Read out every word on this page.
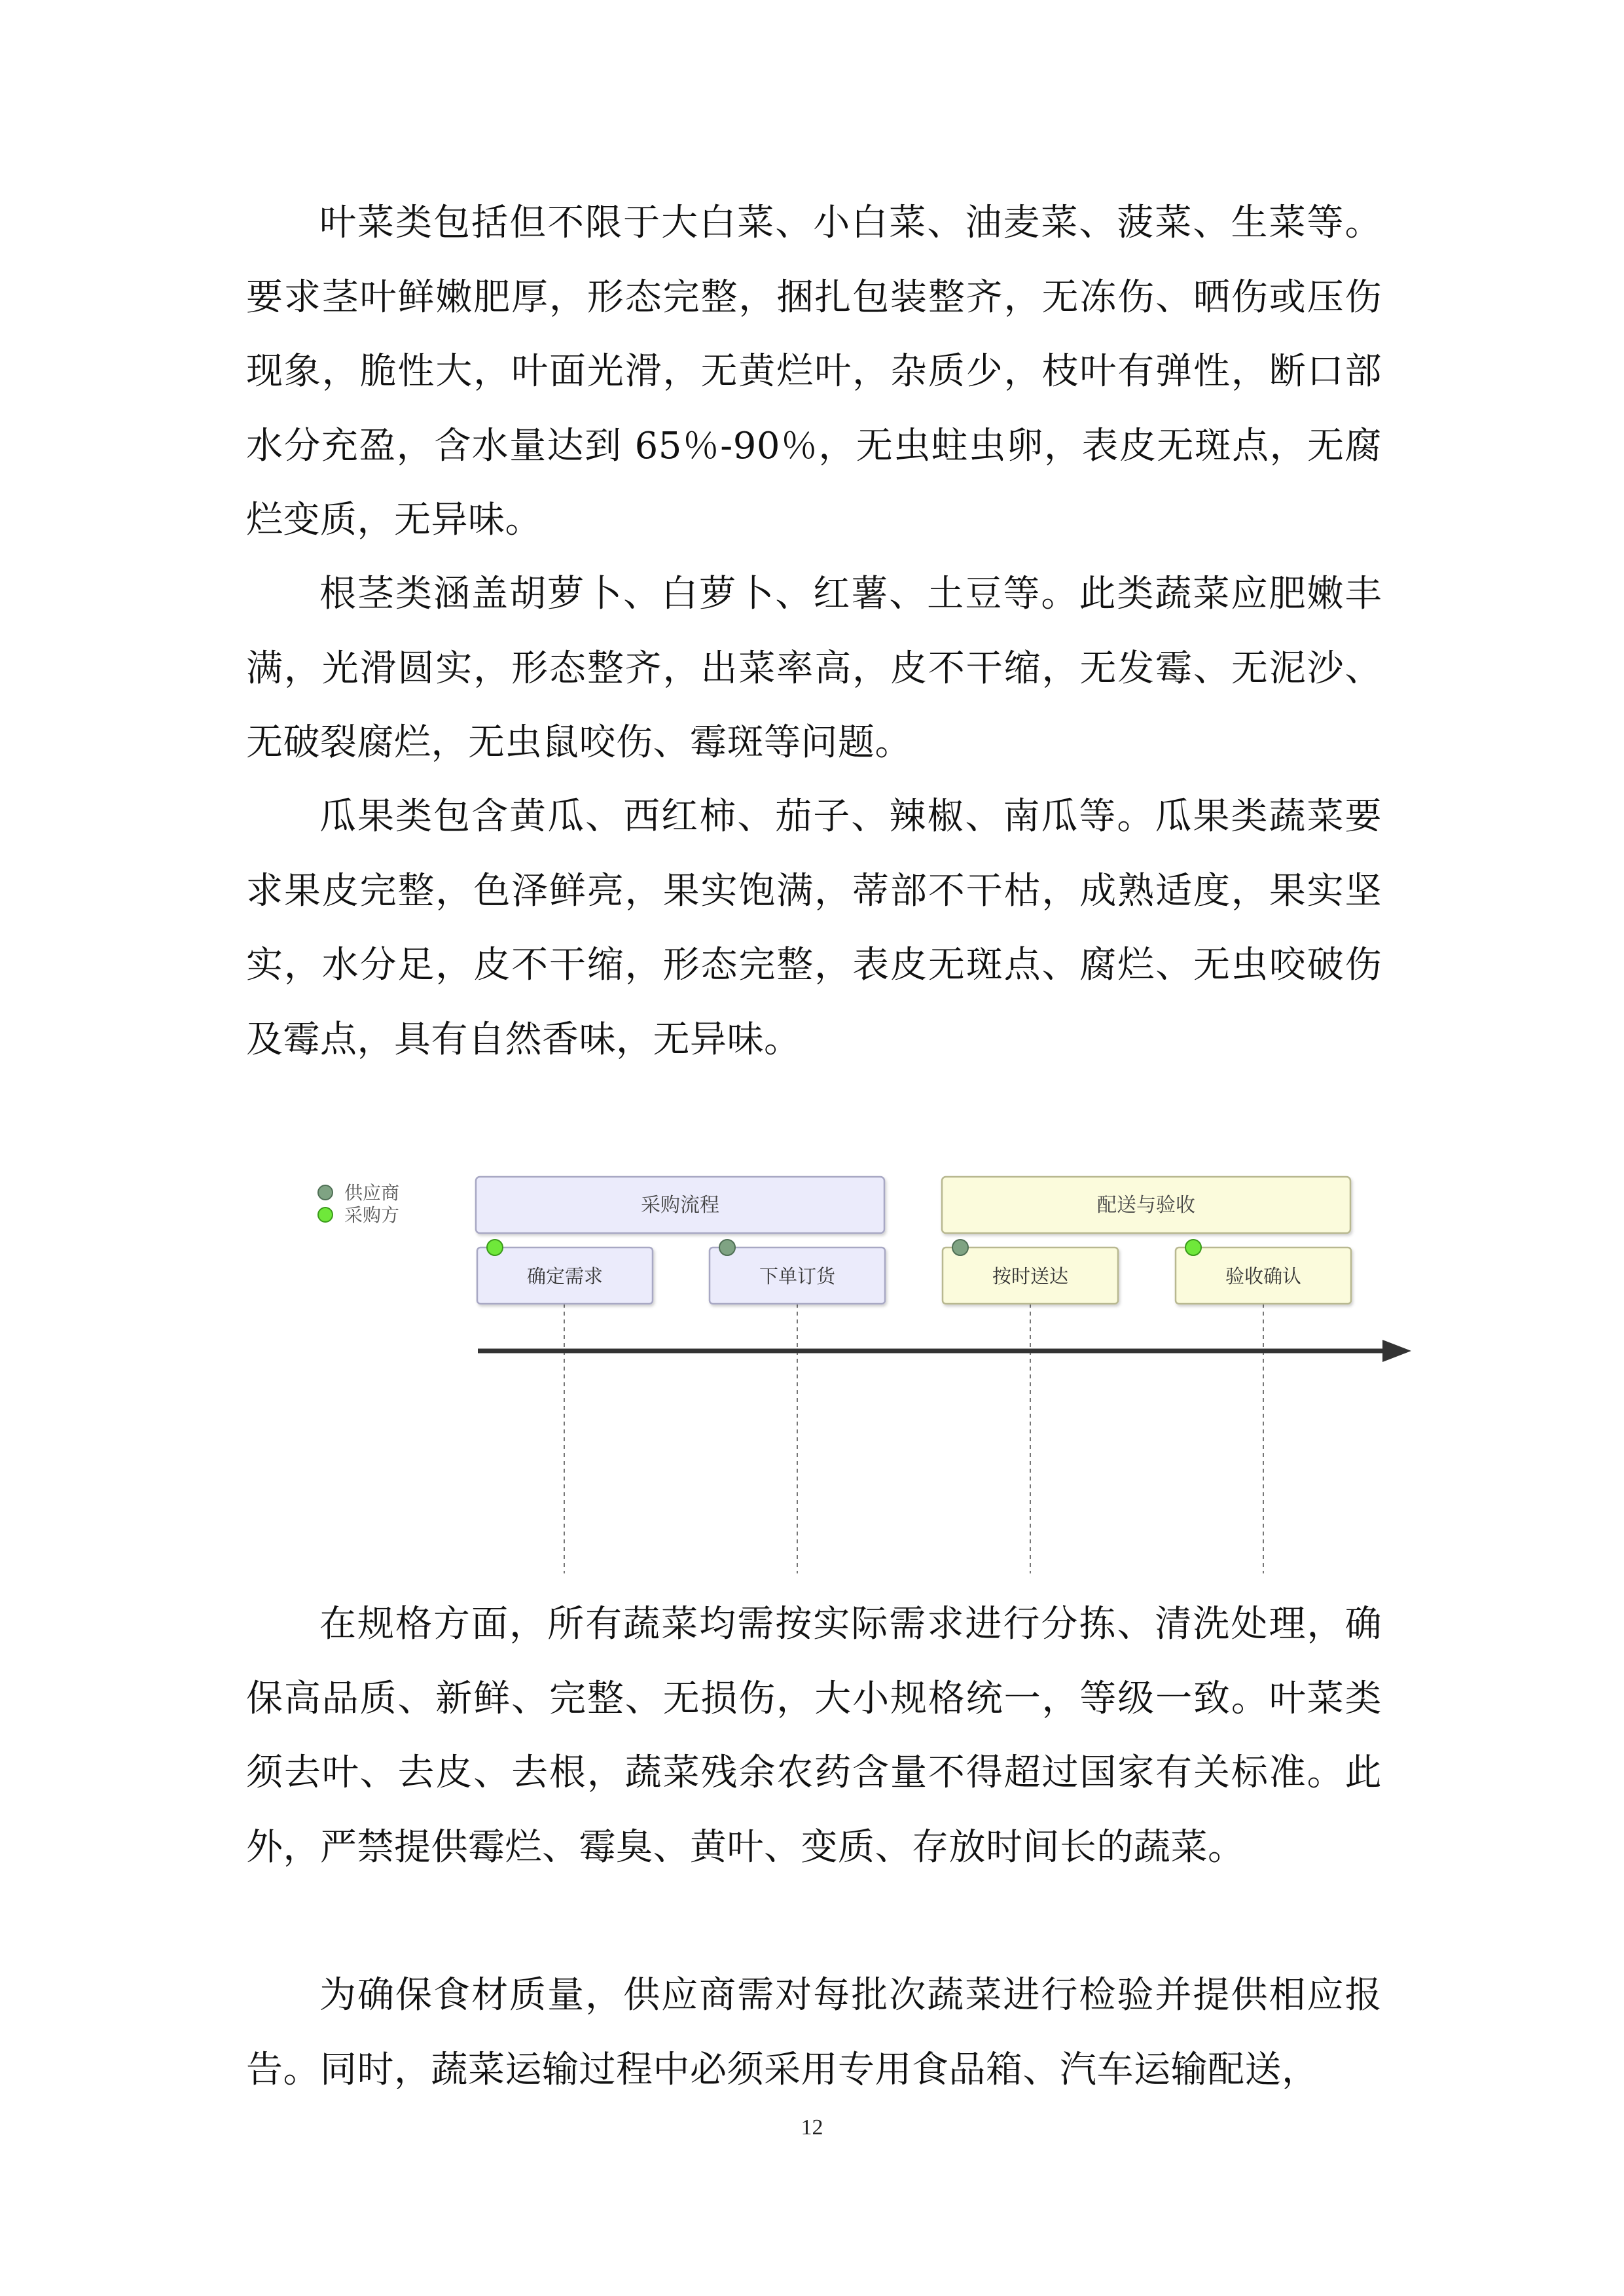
叶菜类包括但不限于大白菜、小白菜、油麦菜、菠菜、生菜等。要求茎叶鲜嫩肥厚，形态完整，捆扎包装整齐，无冻伤、晒伤或压伤现象，脆性大，叶面光滑，无黄烂叶，杂质少，枝叶有弹性，断口部水分充盈，含水量达到 65％-90％，无虫蛀虫卵，表皮无斑点，无腐烂变质，无异味。

根茎类涵盖胡萝卜、白萝卜、红薯、土豆等。此类蔬菜应肥嫩丰满，光滑圆实，形态整齐，出菜率高，皮不干缩，无发霉、无泥沙、无破裂腐烂，无虫鼠咬伤、霉斑等问题。

瓜果类包含黄瓜、西红柿、茄子、辣椒、南瓜等。瓜果类蔬菜要求果皮完整，色泽鲜亮，果实饱满，蒂部不干枯，成熟适度，果实坚实，水分足，皮不干缩，形态完整，表皮无斑点、腐烂、无虫咬破伤及霉点，具有自然香味，无异味。

供应商
采购方	采购流程	配送与验收
确定需求	下单订货	按时送达	验收确认

在规格方面，所有蔬菜均需按实际需求进行分拣、清洗处理，确保高品质、新鲜、完整、无损伤，大小规格统一，等级一致。叶菜类须去叶、去皮、去根，蔬菜残余农药含量不得超过国家有关标准。此外，严禁提供霉烂、霉臭、黄叶、变质、存放时间长的蔬菜。

为确保食材质量，供应商需对每批次蔬菜进行检验并提供相应报告。同时，蔬菜运输过程中必须采用专用食品箱、汽车运输配送，

12
